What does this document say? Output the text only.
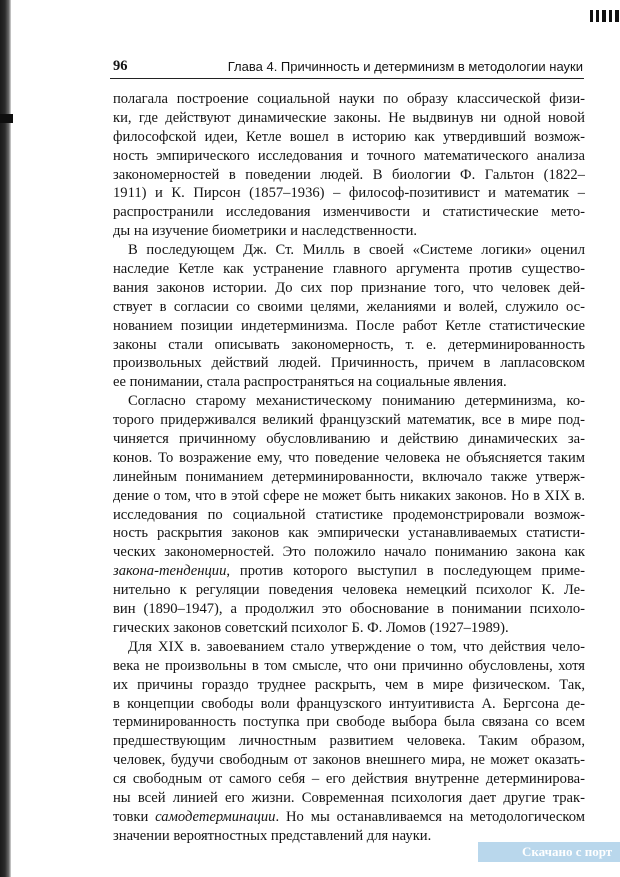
96	Глава 4. Причинность и детерминизм в методологии науки
полагала построение социальной науки по образу классической физи-
ки, где действуют динамические законы. Не выдвинув ни одной новой
философской идеи, Кетле вошел в историю как утвердивший возмож-
ность эмпирического исследования и точного математического анализа
закономерностей в поведении людей. В биологии Ф. Гальтон (1822–
1911) и К. Пирсон (1857–1936) – философ-позитивист и математик –
распространили исследования изменчивости и статистические мето-
ды на изучение биометрики и наследственности.
В последующем Дж. Ст. Милль в своей «Системе логики» оценил
наследие Кетле как устранение главного аргумента против существо-
вания законов истории. До сих пор признание того, что человек дей-
ствует в согласии со своими целями, желаниями и волей, служило ос-
нованием позиции индетерминизма. После работ Кетле статистические
законы стали описывать закономерность, т. е. детерминированность
произвольных действий людей. Причинность, причем в лапласовском
ее понимании, стала распространяться на социальные явления.
Согласно старому механистическому пониманию детерминизма, ко-
торого придерживался великий французский математик, все в мире под-
чиняется причинному обусловливанию и действию динамических за-
конов. То возражение ему, что поведение человека не объясняется таким
линейным пониманием детерминированности, включало также утверж-
дение о том, что в этой сфере не может быть никаких законов. Но в XIX в.
исследования по социальной статистике продемонстрировали возмож-
ность раскрытия законов как эмпирически устанавливаемых статисти-
ческих закономерностей. Это положило начало пониманию закона как
закона-тенденции, против которого выступил в последующем приме-
нительно к регуляции поведения человека немецкий психолог К. Ле-
вин (1890–1947), а продолжил это обоснование в понимании психоло-
гических законов советский психолог Б. Ф. Ломов (1927–1989).
Для XIX в. завоеванием стало утверждение о том, что действия чело-
века не произвольны в том смысле, что они причинно обусловлены, хотя
их причины гораздо труднее раскрыть, чем в мире физическом. Так,
в концепции свободы воли французского интуитивиста А. Бергсона де-
терминированность поступка при свободе выбора была связана со всем
предшествующим личностным развитием человека. Таким образом,
человек, будучи свободным от законов внешнего мира, не может оказать-
ся свободным от самого себя – его действия внутренне детерминирова-
ны всей линией его жизни. Современная психология дает другие трак-
товки самодетерминации. Но мы останавливаемся на методологическом
значении вероятностных представлений для науки.
Скачано с порт
